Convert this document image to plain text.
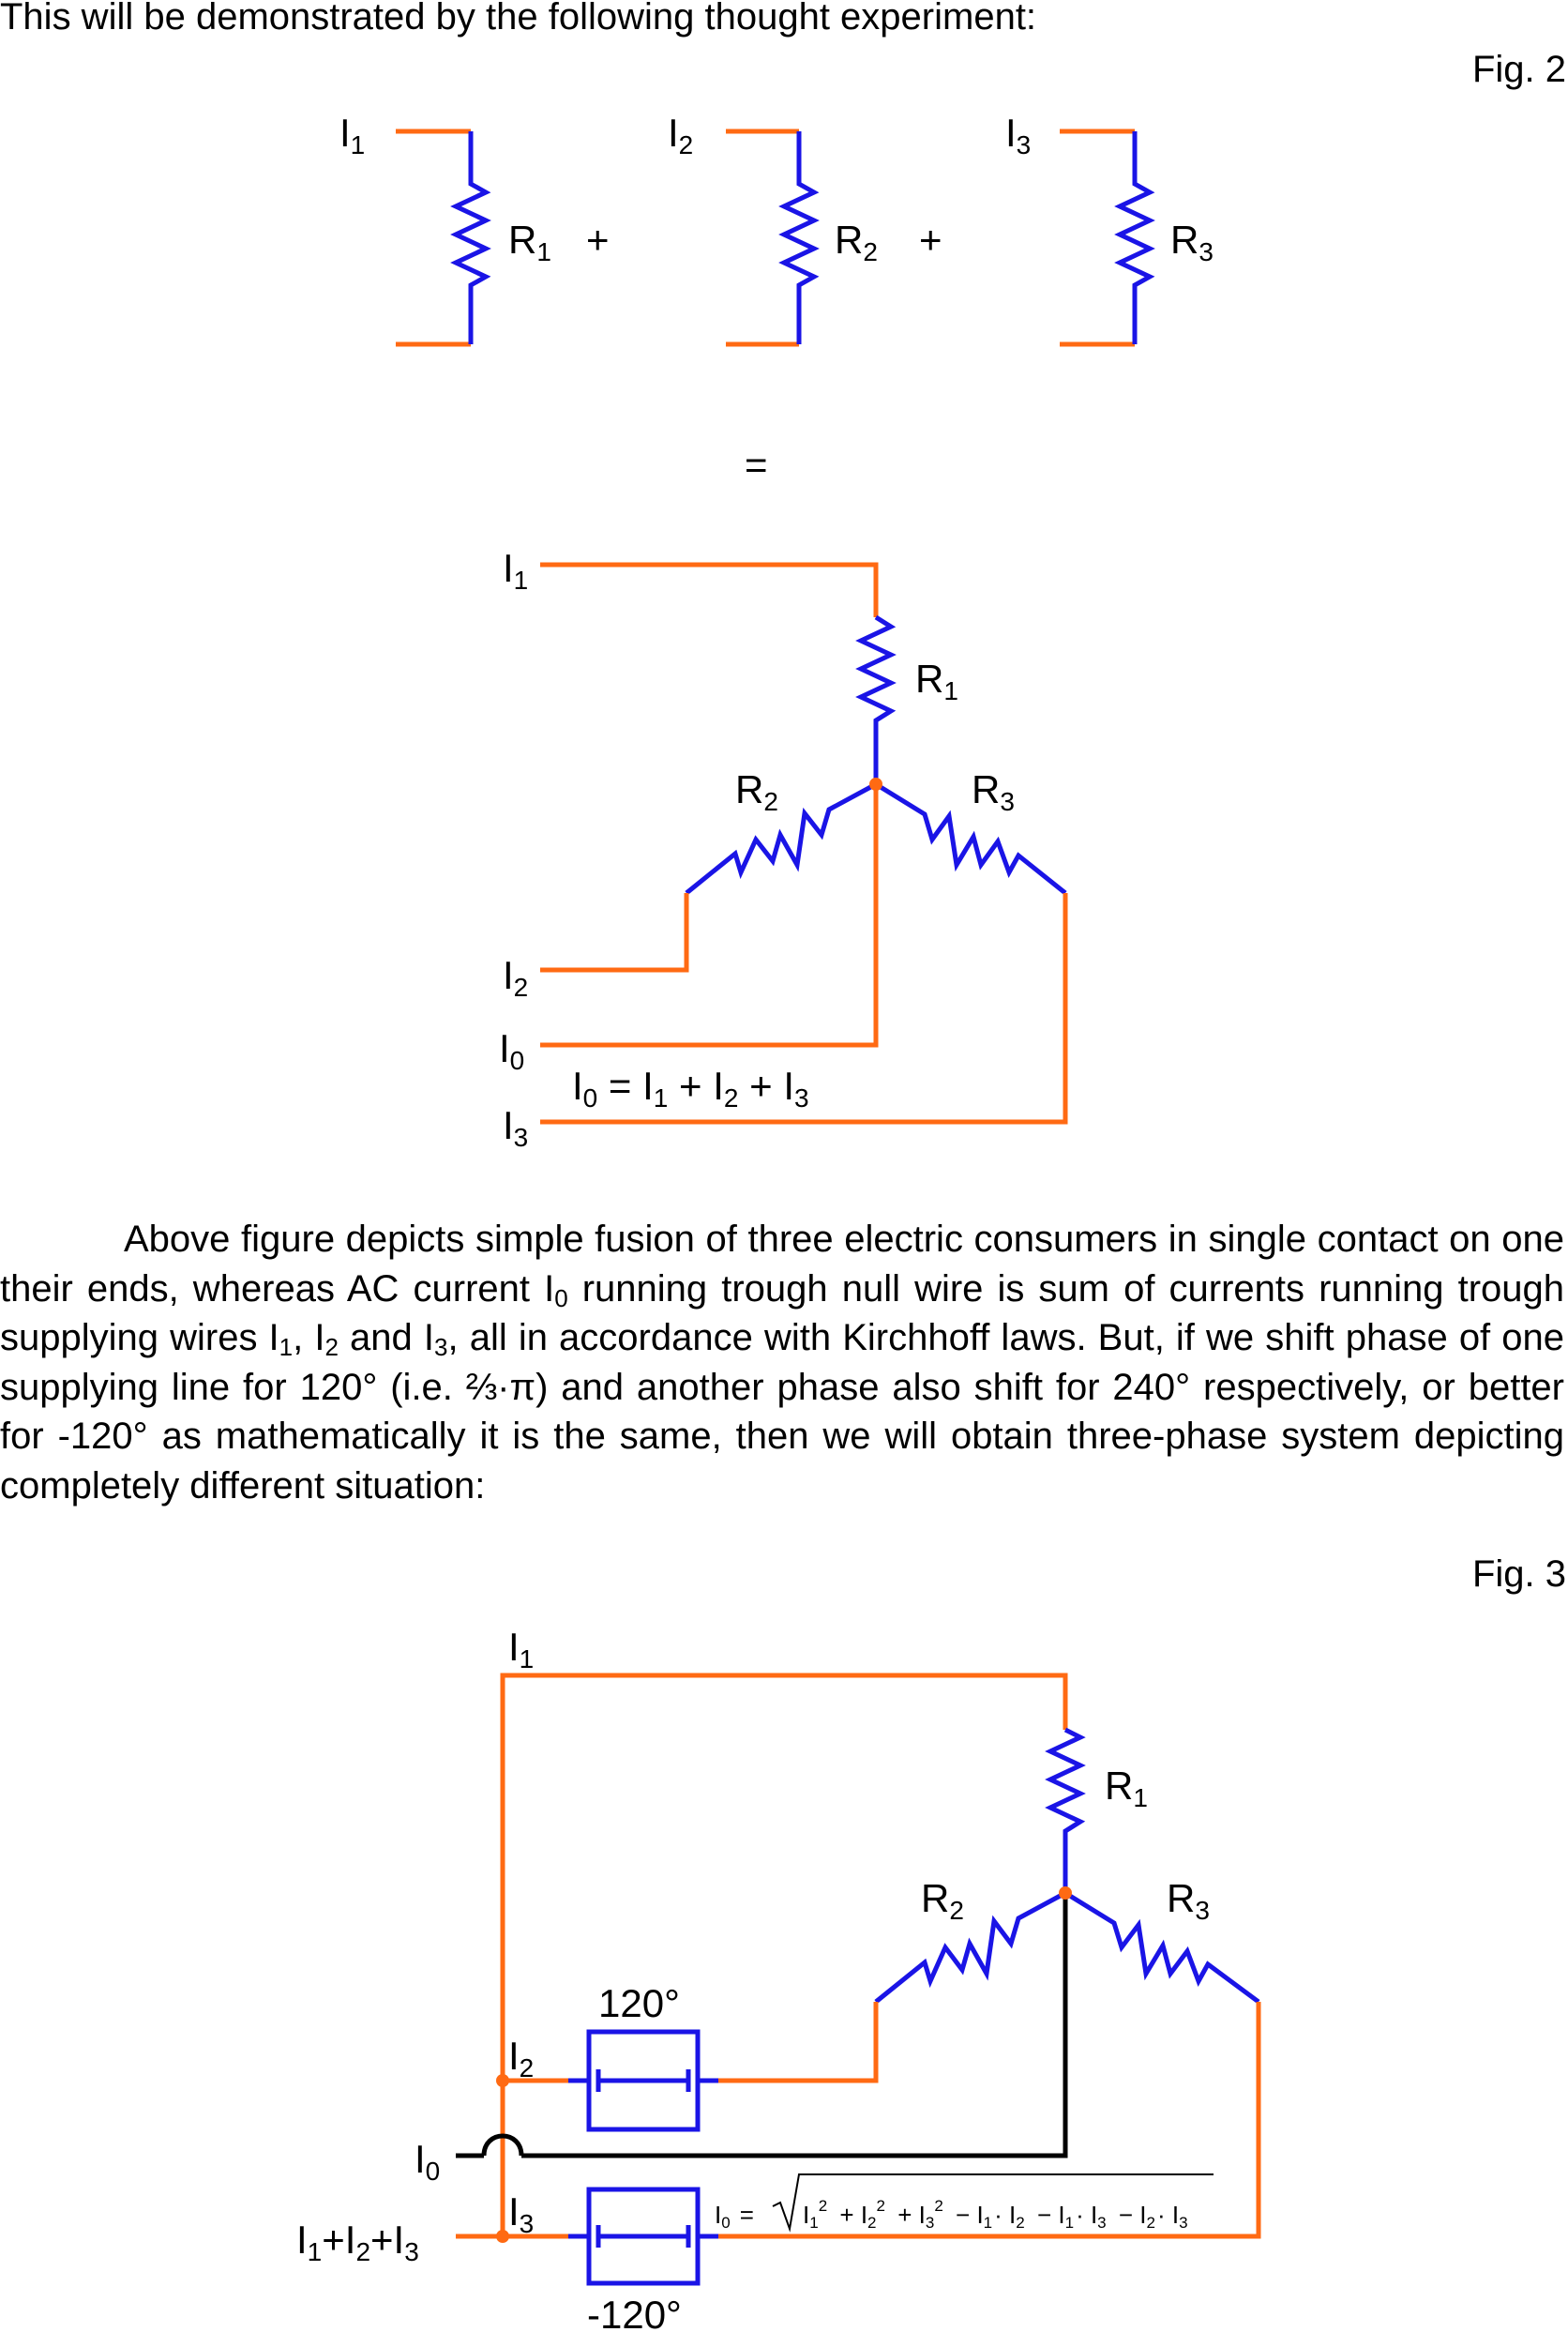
This will be demonstrated by the following thought experiment:
Fig. 2
I1	I2	I3
R1	R2	R3
+	+
=
I1
I2
I0
I3
R1
R2	R3
I0 = I1 + I2 + I3
I1
R1
R2	R3
120°
-120°
I2
I0
I3
I1+I2+I3
$I0 = I1^2 + I2^2 + I3^2 - I1\cdot I2 - I1\cdot I3 - I2\cdot I3$

Above figure depicts simple fusion of three electric consumers in single contact on one their ends, whereas AC current $I_0$ running trough null wire is sum of currents running trough supplying wires $I_1$, $I_2$ and $I_3$, all in accordance with Kirchhoff laws. But, if we shift phase of one supplying line for 120° (i.e. ⅔·π) and another phase also shift for 240° respectively, or better for -120° as mathematically it is the same, then we will obtain three-phase system depicting completely different situation:

Fig. 3
